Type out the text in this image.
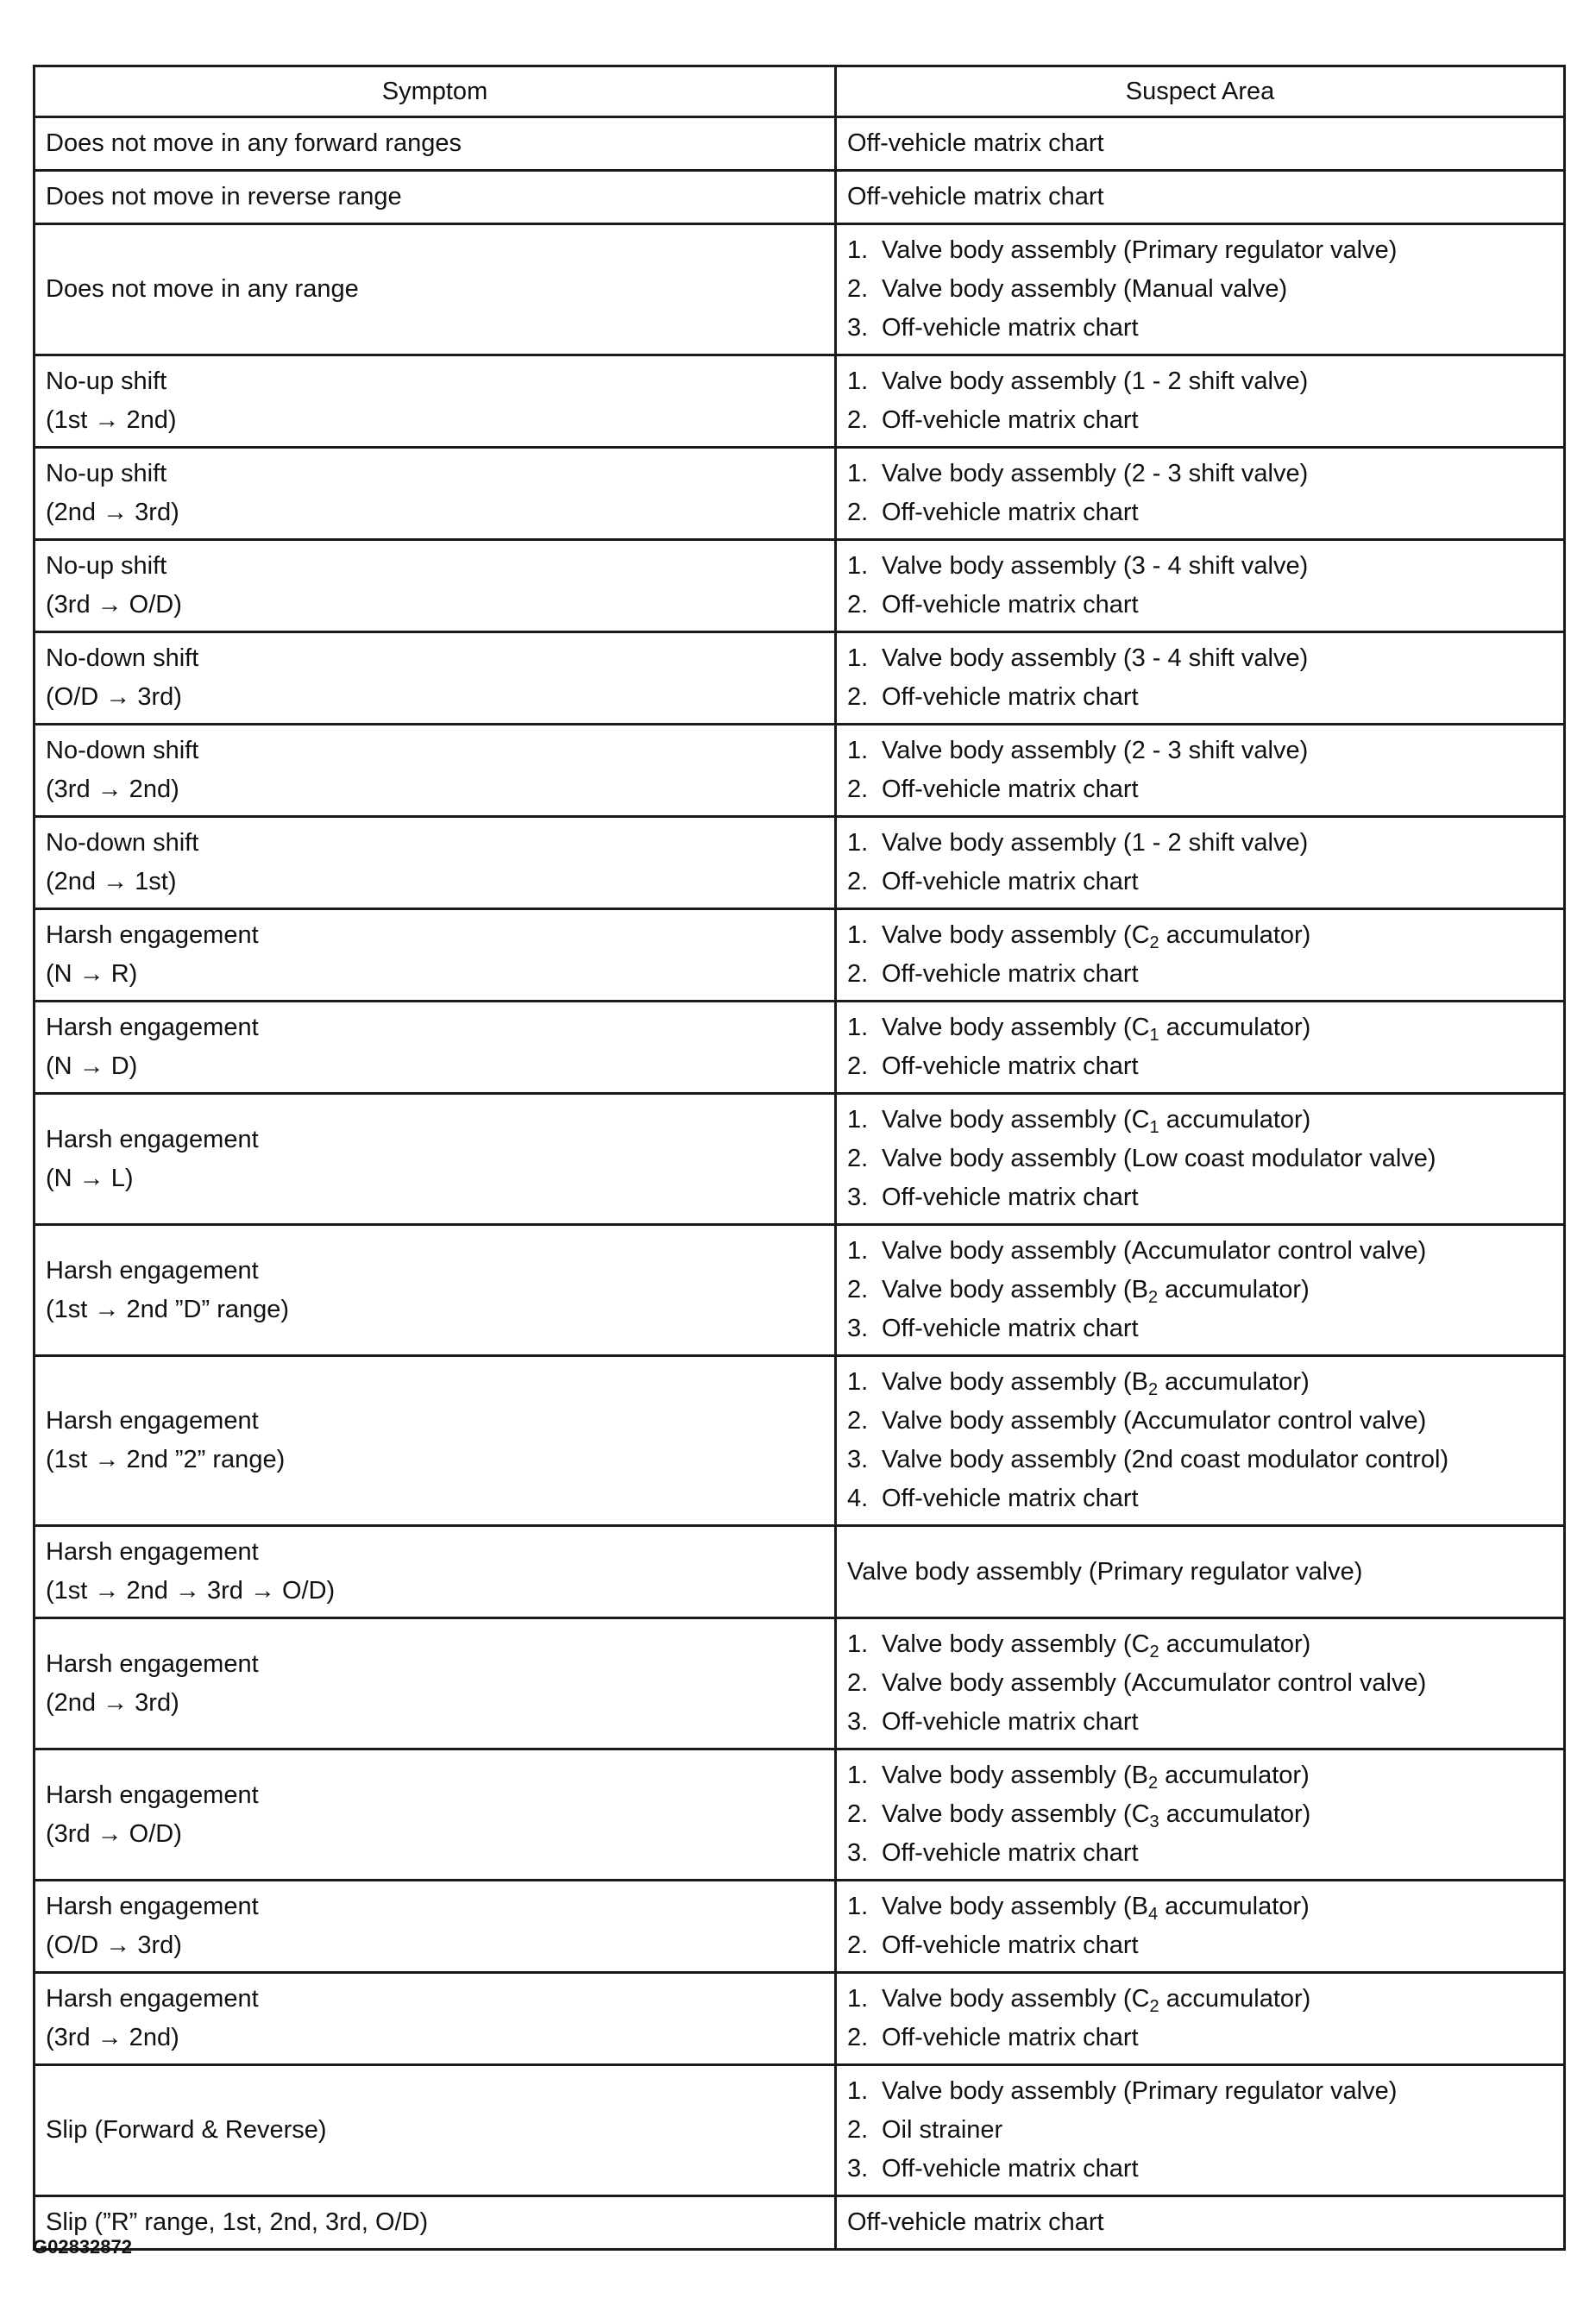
Symptom	Suspect Area

Does not move in any forward ranges	Off-vehicle matrix chart

Does not move in reverse range	Off-vehicle matrix chart

Does not move in any range	1. Valve body assembly (Primary regulator valve)
2. Valve body assembly (Manual valve)
3. Off-vehicle matrix chart

No-up shift
(1st → 2nd)	1. Valve body assembly (1 - 2 shift valve)
2. Off-vehicle matrix chart

No-up shift
(2nd → 3rd)	1. Valve body assembly (2 - 3 shift valve)
2. Off-vehicle matrix chart

No-up shift
(3rd → O/D)	1. Valve body assembly (3 - 4 shift valve)
2. Off-vehicle matrix chart

No-down shift
(O/D → 3rd)	1. Valve body assembly (3 - 4 shift valve)
2. Off-vehicle matrix chart

No-down shift
(3rd → 2nd)	1. Valve body assembly (2 - 3 shift valve)
2. Off-vehicle matrix chart

No-down shift
(2nd → 1st)	1. Valve body assembly (1 - 2 shift valve)
2. Off-vehicle matrix chart

Harsh engagement
(N → R)	1. Valve body assembly ($C_2$ accumulator)
2. Off-vehicle matrix chart

Harsh engagement
(N → D)	1. Valve body assembly ($C_1$ accumulator)
2. Off-vehicle matrix chart

Harsh engagement
(N → L)	1. Valve body assembly ($C_1$ accumulator)
2. Valve body assembly (Low coast modulator valve)
3. Off-vehicle matrix chart

Harsh engagement
(1st → 2nd ”D” range)	1. Valve body assembly (Accumulator control valve)
2. Valve body assembly ($B_2$ accumulator)
3. Off-vehicle matrix chart

Harsh engagement
(1st → 2nd ”2” range)	1. Valve body assembly ($B_2$ accumulator)
2. Valve body assembly (Accumulator control valve)
3. Valve body assembly (2nd coast modulator control)
4. Off-vehicle matrix chart

Harsh engagement
(1st → 2nd → 3rd → O/D)	Valve body assembly (Primary regulator valve)

Harsh engagement
(2nd → 3rd)	1. Valve body assembly ($C_2$ accumulator)
2. Valve body assembly (Accumulator control valve)
3. Off-vehicle matrix chart

Harsh engagement
(3rd → O/D)	1. Valve body assembly ($B_2$ accumulator)
2. Valve body assembly ($C_3$ accumulator)
3. Off-vehicle matrix chart

Harsh engagement
(O/D → 3rd)	1. Valve body assembly ($B_4$ accumulator)
2. Off-vehicle matrix chart

Harsh engagement
(3rd → 2nd)	1. Valve body assembly ($C_2$ accumulator)
2. Off-vehicle matrix chart

Slip (Forward & Reverse)	1. Valve body assembly (Primary regulator valve)
2. Oil strainer
3. Off-vehicle matrix chart

Slip (”R” range, 1st, 2nd, 3rd, O/D)	Off-vehicle matrix chart
G02832872
